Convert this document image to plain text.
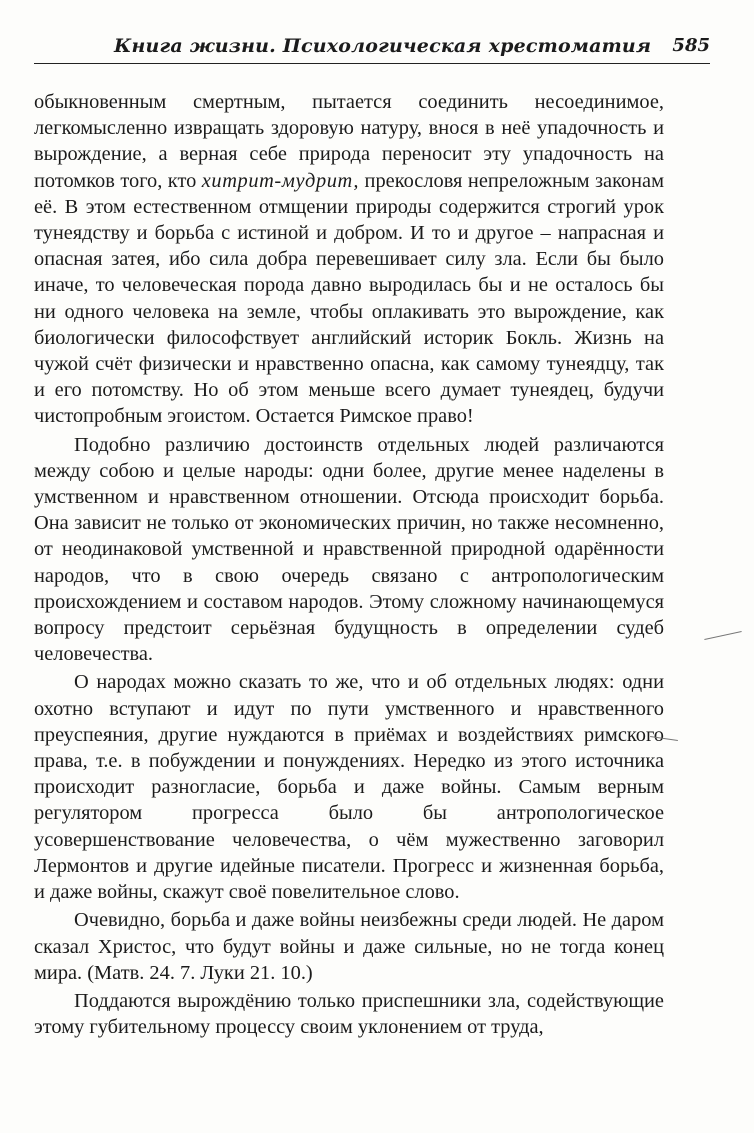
Книга жизни. Психологическая хрестоматия 585

обыкновенным смертным, пытается соединить несоединимое, легкомысленно извращать здоровую натуру, внося в неё упадочность и вырождение, а верная себе природа переносит эту упадочность на потомков того, кто хитрит-мудрит, прекословя непреложным законам её. В этом естественном отмщении природы содержится строгий урок тунеядству и борьба с истиной и добром. И то и другое – напрасная и опасная затея, ибо сила добра перевешивает силу зла. Если бы было иначе, то человеческая порода давно выродилась бы и не осталось бы ни одного человека на земле, чтобы оплакивать это вырождение, как биологически философствует английский историк Бокль. Жизнь на чужой счёт физически и нравственно опасна, как самому тунеядцу, так и его потомству. Но об этом меньше всего думает тунеядец, будучи чистопробным эгоистом. Остается Римское право!

Подобно различию достоинств отдельных людей различаются между собою и целые народы: одни более, другие менее наделены в умственном и нравственном отношении. Отсюда происходит борьба. Она зависит не только от экономических причин, но также несомненно, от неодинаковой умственной и нравственной природной одарённости народов, что в свою очередь связано с антропологическим происхождением и составом народов. Этому сложному начинающемуся вопросу предстоит серьёзная будущность в определении судеб человечества.

О народах можно сказать то же, что и об отдельных людях: одни охотно вступают и идут по пути умственного и нравственного преуспеяния, другие нуждаются в приёмах и воздействиях римского права, т.е. в побуждении и понуждениях. Нередко из этого источника происходит разногласие, борьба и даже войны. Самым верным регулятором прогресса было бы антропологическое усовершенствование человечества, о чём мужественно заговорил Лермонтов и другие идейные писатели. Прогресс и жизненная борьба, и даже войны, скажут своё повелительное слово.

Очевидно, борьба и даже войны неизбежны среди людей. Не даром сказал Христос, что будут войны и даже сильные, но не тогда конец мира. (Матв. 24. 7. Луки 21. 10.)

Поддаются вырождёнию только приспешники зла, содействующие этому губительному процессу своим уклонением от труда,
